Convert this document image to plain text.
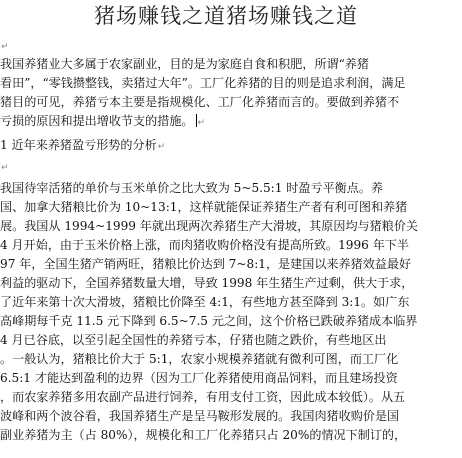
猪场赚钱之道猪场赚钱之道

↵

我国养猪业大多属于农家副业，目的是为家庭自食和积肥，所谓“养猪

看田”，“零钱攒整钱，卖猪过大年”。工厂化养猪的目的则是追求利润，满足

猪目的可见，养猪亏本主要是指规模化、工厂化养猪而言的。要做到养猪不

亏损的原因和提出增收节支的措施。 ↵

1 近年来养猪盈亏形势的分析↵

↵

我国待宰活猪的单价与玉米单价之比大致为 5~5.5:1 时盈亏平衡点。养

国、加拿大猪粮比价为 10~13:1，这样就能保证养猪生产者有利可图和养猪

展。我国从 1994~1999 年就出现两次养猪生产大滑坡，其原因均与猪粮价关

4 月开始，由于玉米价格上涨，而肉猪收购价格没有提高所致。1996 年下半

97 年，全国生猪产销两旺，猪粮比价达到 7~8:1，是建国以来养猪效益最好

利益的驱动下，全国养猪数量大增，导致 1998 年生猪生产过剩，供大于求，

了近年来第十次大滑坡，猪粮比价降至 4:1，有些地方甚至降到 3:1。如广东

高峰期每千克 11.5 元下降到 6.5~7.5 元之间，这个价格已跌破养猪成本临界

4 月已谷底，以至引起全国性的养猪亏本，仔猪也随之跌价，有些地区出

。一般认为，猪粮比价大于 5:1，农家小规模养猪就有微利可图，而工厂化

6.5:1 才能达到盈利的边界（因为工厂化养猪使用商品饲料，而且建场投资

，而农家养猪多用农副产品进行饲养，有用支付工资，因此成本较低）。从五

波峰和两个波谷看，我国养猪生产是呈马鞍形发展的。我国肉猪收购价是国

副业养猪为主（占 80%），规模化和工厂化养猪只占 20%的情况下制订的，
